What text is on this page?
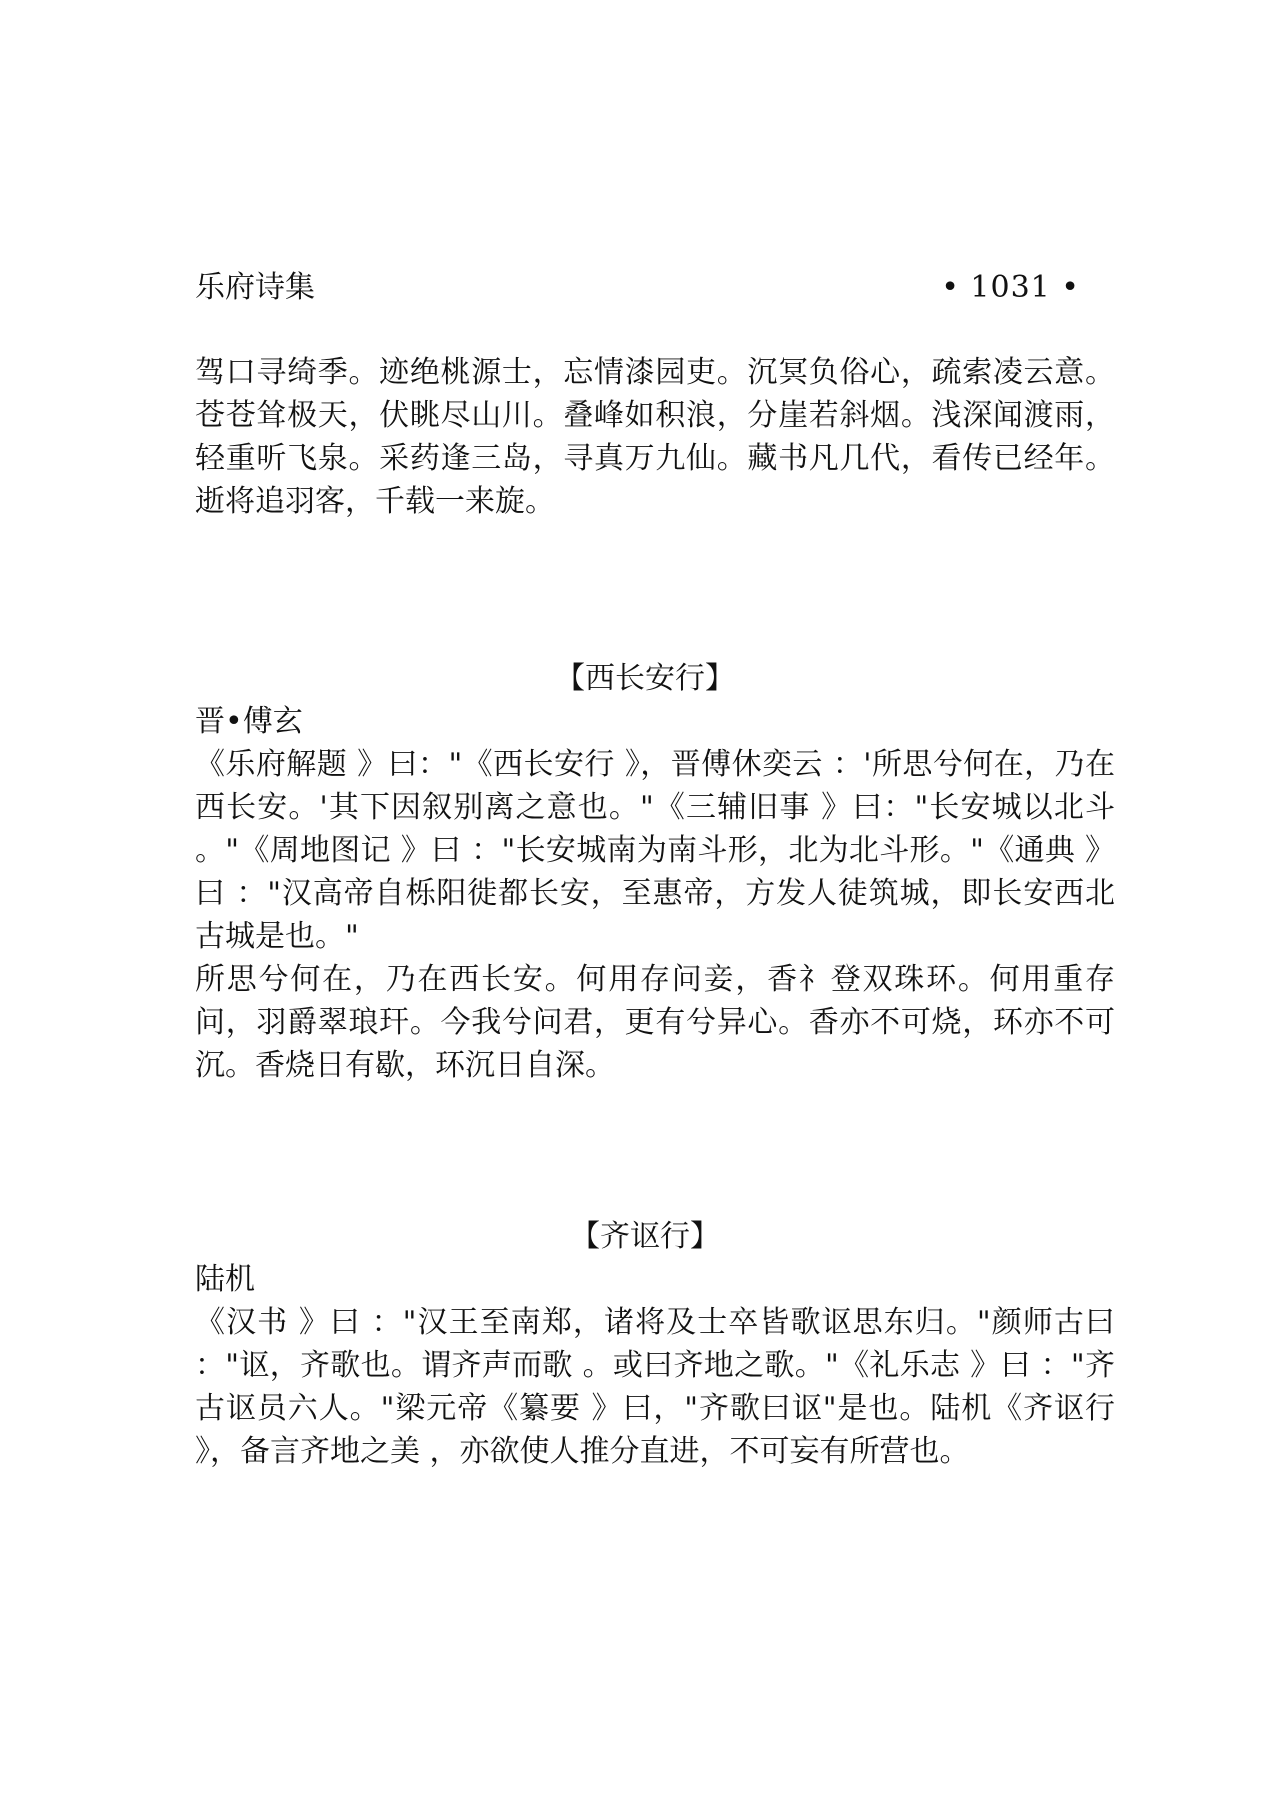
乐府诗集	• 1031 •

驾口寻绮季。迹绝桃源士，忘情漆园吏。沉冥负俗心，疏索凌云意。苍苍耸极天，伏眺尽山川。叠峰如积浪，分崖若斜烟。浅深闻渡雨，轻重听飞泉。采药逢三岛，寻真万九仙。藏书凡几代，看传已经年。逝将追羽客，千载一来旋。

【西长安行】

晋•傅玄

《乐府解题 》曰："《西长安行 》，晋傅休奕云 ：'所思兮何在，乃在西长安。'其下因叙别离之意也。"《三辅旧事 》曰："长安城以北斗 。"《周地图记 》曰 ："长安城南为南斗形，北为北斗形。"《通典 》曰 ："汉高帝自栎阳徙都长安，至惠帝，方发人徒筑城，即长安西北古城是也。"

所思兮何在，乃在西长安。何用存问妾，香礻登双珠环。何用重存问，羽爵翠琅玕。今我兮问君，更有兮异心。香亦不可烧，环亦不可沉。香烧日有歇，环沉日自深。

【齐讴行】

陆机

《汉书 》曰 ："汉王至南郑，诸将及士卒皆歌讴思东归。"颜师古曰 ："讴，齐歌也。谓齐声而歌 。或曰齐地之歌。"《礼乐志 》曰 ："齐古讴员六人。"梁元帝《纂要 》曰，"齐歌曰讴"是也。陆机《齐讴行 》，备言齐地之美 ，亦欲使人推分直进，不可妄有所营也。
